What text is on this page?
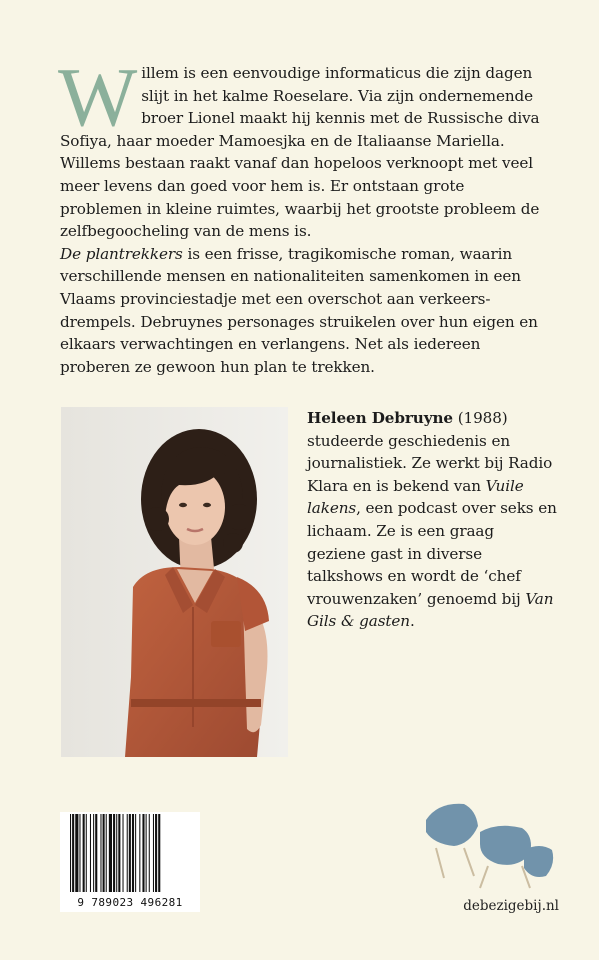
W illem is een eenvoudige informaticus die zijn dagen slijt in het kalme Roeselare. Via zijn ondernemende broer Lionel maakt hij kennis met de Russische diva Sofiya, haar moeder Mamoesjka en de Italiaanse Mariella. Willems bestaan raakt vanaf dan hopeloos verknoopt met veel meer levens dan goed voor hem is. Er ontstaan grote problemen in kleine ruimtes, waarbij het grootste probleem de zelfbegoocheling van de mens is.

De plantrekkers is een frisse, tragikomische roman, waarin verschillende mensen en nationaliteiten samenkomen in een Vlaams provinciestadje met een overschot aan verkeersdrempels. Debruynes personages struikelen over hun eigen en elkaars verwachtingen en verlangens. Net als iedereen proberen ze gewoon hun plan te trekken.

Heleen Debruyne (1988) studeerde geschiedenis en journalistiek. Ze werkt bij Radio Klara en is bekend van Vuile lakens, een podcast over seks en lichaam. Ze is een graag geziene gast in diverse talkshows en wordt de ‘chef vrouwenzaken’ genoemd bij Van Gils & gasten.

9 789023 496281	debezigebij.nl
